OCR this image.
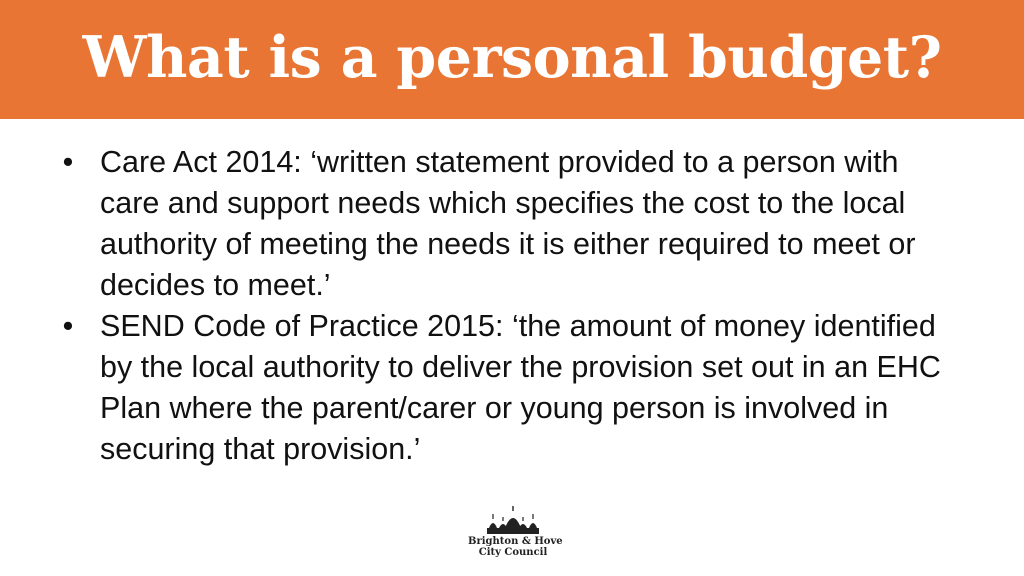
What is a personal budget?
• Care Act 2014: ‘written statement provided to a person with care and support needs which specifies the cost to the local authority of meeting the needs it is either required to meet or decides to meet.’
• SEND Code of Practice 2015: ‘the amount of money identified by the local authority to deliver the provision set out in an EHC Plan where the parent/carer or young person is involved in securing that provision.’
Brighton & Hove
City Council
